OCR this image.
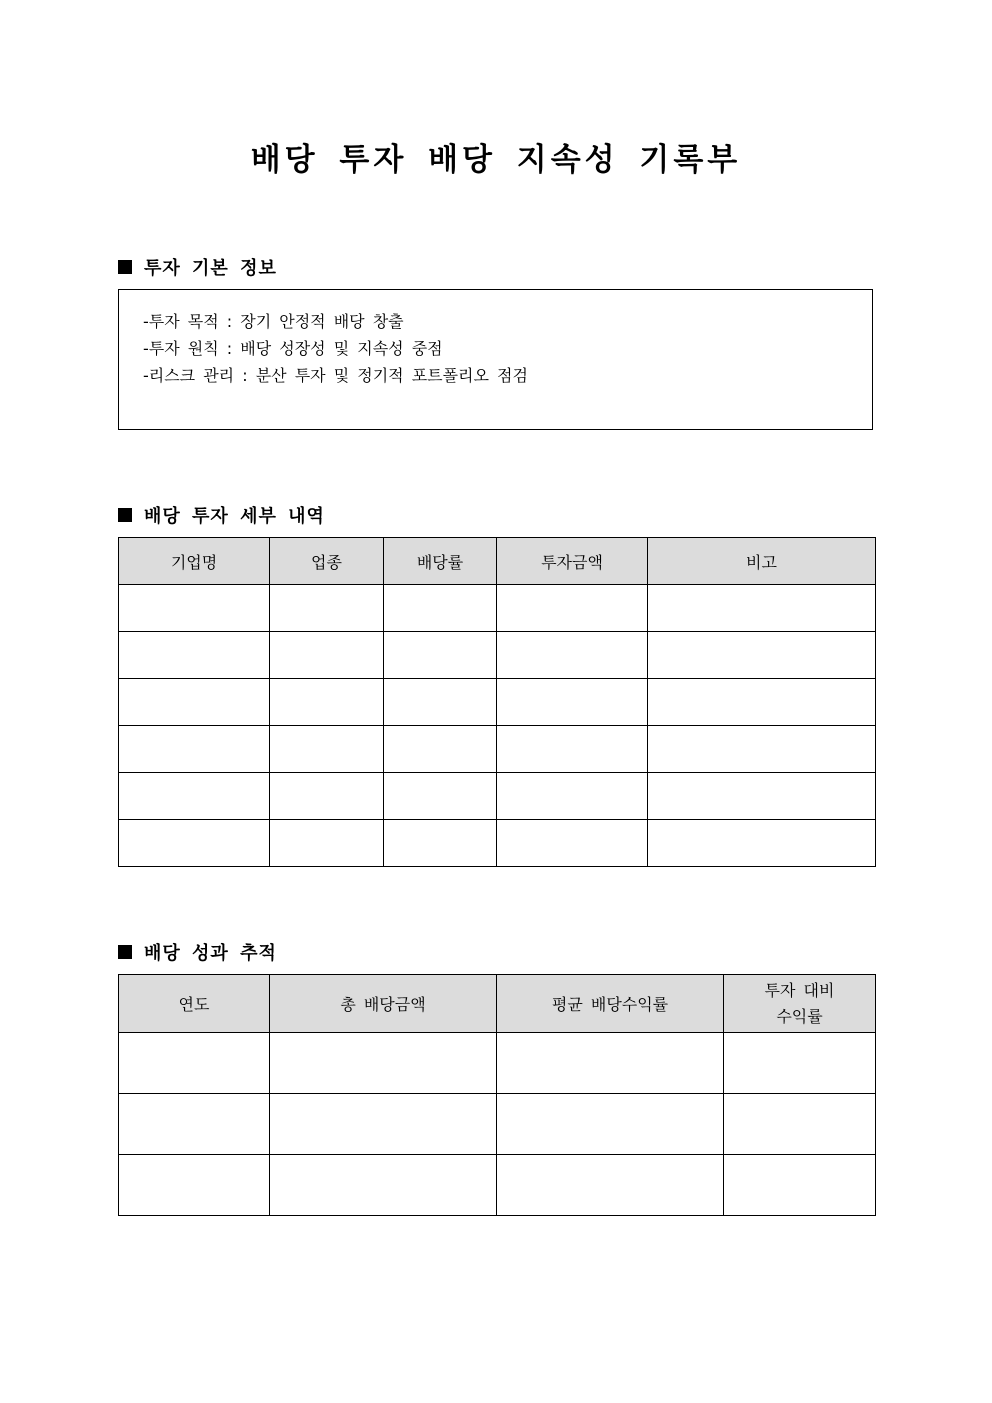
배당 투자 배당 지속성 기록부
투자 기본 정보
-투자 목적 : 장기 안정적 배당 창출
-투자 원칙 : 배당 성장성 및 지속성 중점
-리스크 관리 : 분산 투자 및 정기적 포트폴리오 점검
배당 투자 세부 내역
기업명	업종	배당률	투자금액	비고

배당 성과 추적
연도	총 배당금액	평균 배당수익률	투자 대비
수익률
